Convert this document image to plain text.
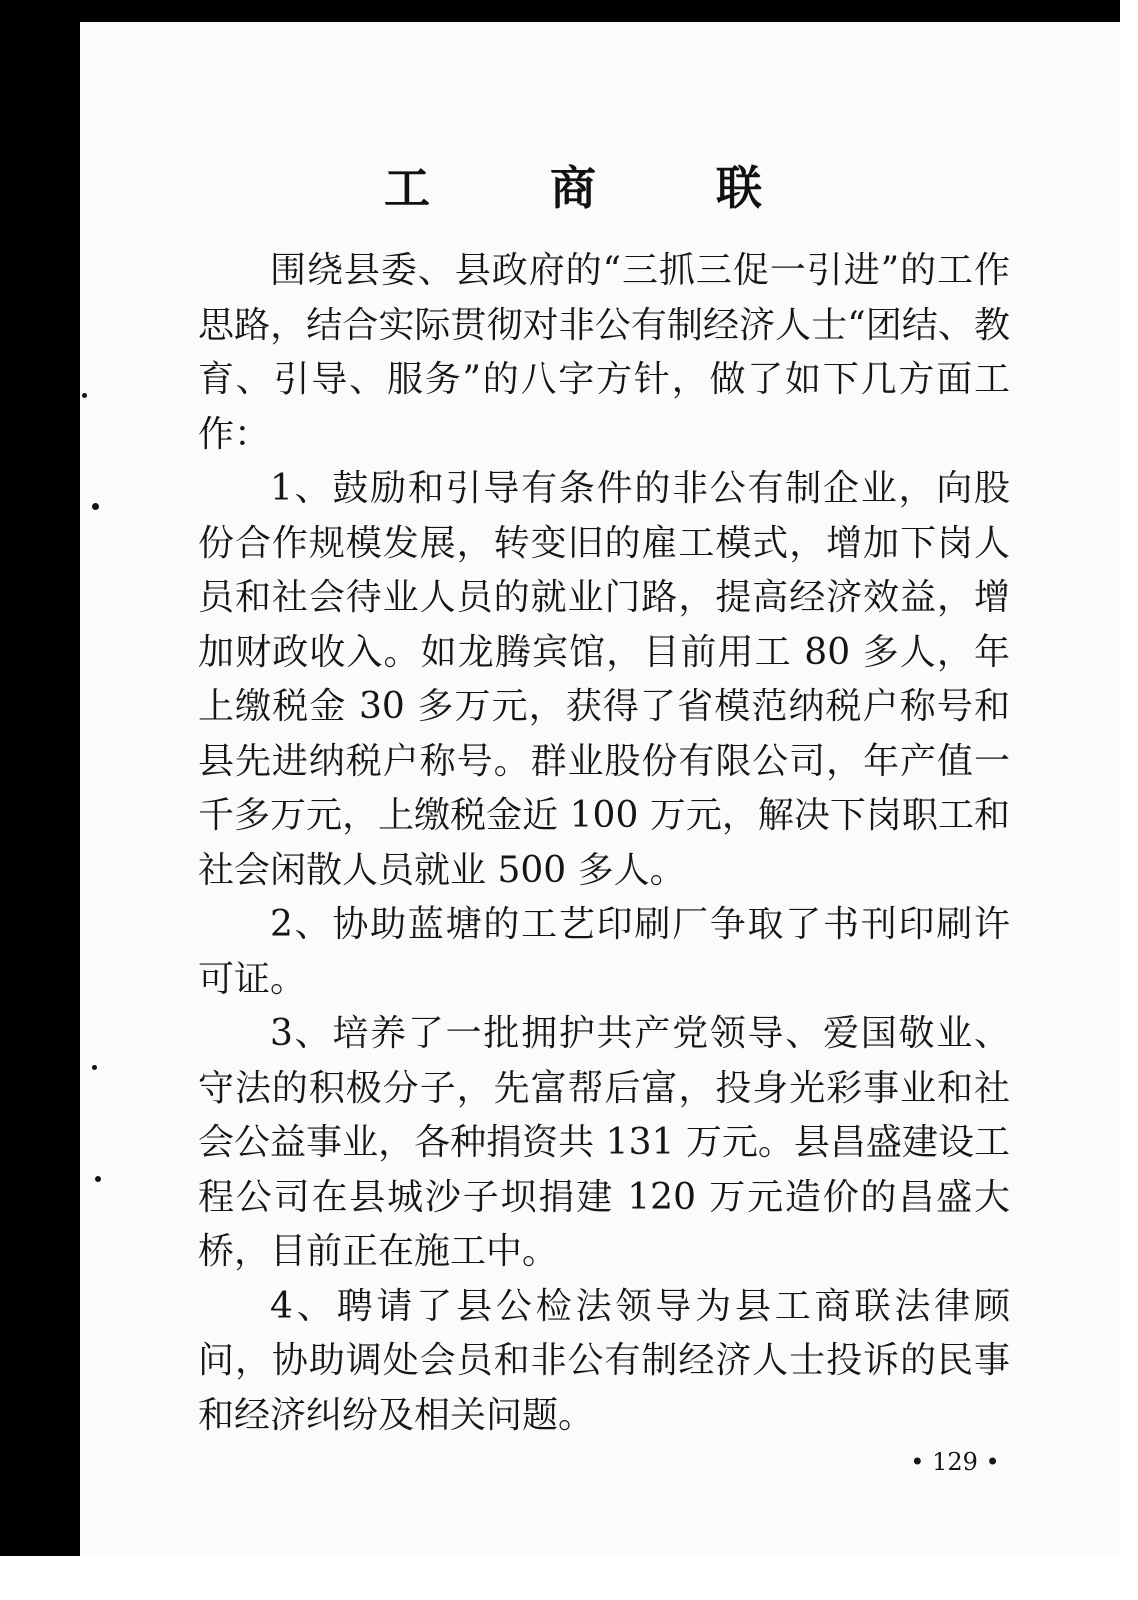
工 商 联

围绕县委、县政府的“三抓三促一引进”的工作思路，结合实际贯彻对非公有制经济人士“团结、教育、引导、服务”的八字方针，做了如下几方面工作：

1、鼓励和引导有条件的非公有制企业，向股份合作规模发展，转变旧的雇工模式，增加下岗人员和社会待业人员的就业门路，提高经济效益，增加财政收入。如龙腾宾馆，目前用工 80 多人，年上缴税金 30 多万元，获得了省模范纳税户称号和县先进纳税户称号。群业股份有限公司，年产值一千多万元，上缴税金近 100 万元，解决下岗职工和社会闲散人员就业 500 多人。

2、协助蓝塘的工艺印刷厂争取了书刊印刷许可证。

3、培养了一批拥护共产党领导、爱国敬业、守法的积极分子，先富帮后富，投身光彩事业和社会公益事业，各种捐资共 131 万元。县昌盛建设工程公司在县城沙子坝捐建 120 万元造价的昌盛大桥，目前正在施工中。

4、聘请了县公检法领导为县工商联法律顾问，协助调处会员和非公有制经济人士投诉的民事和经济纠纷及相关问题。

• 129 •
